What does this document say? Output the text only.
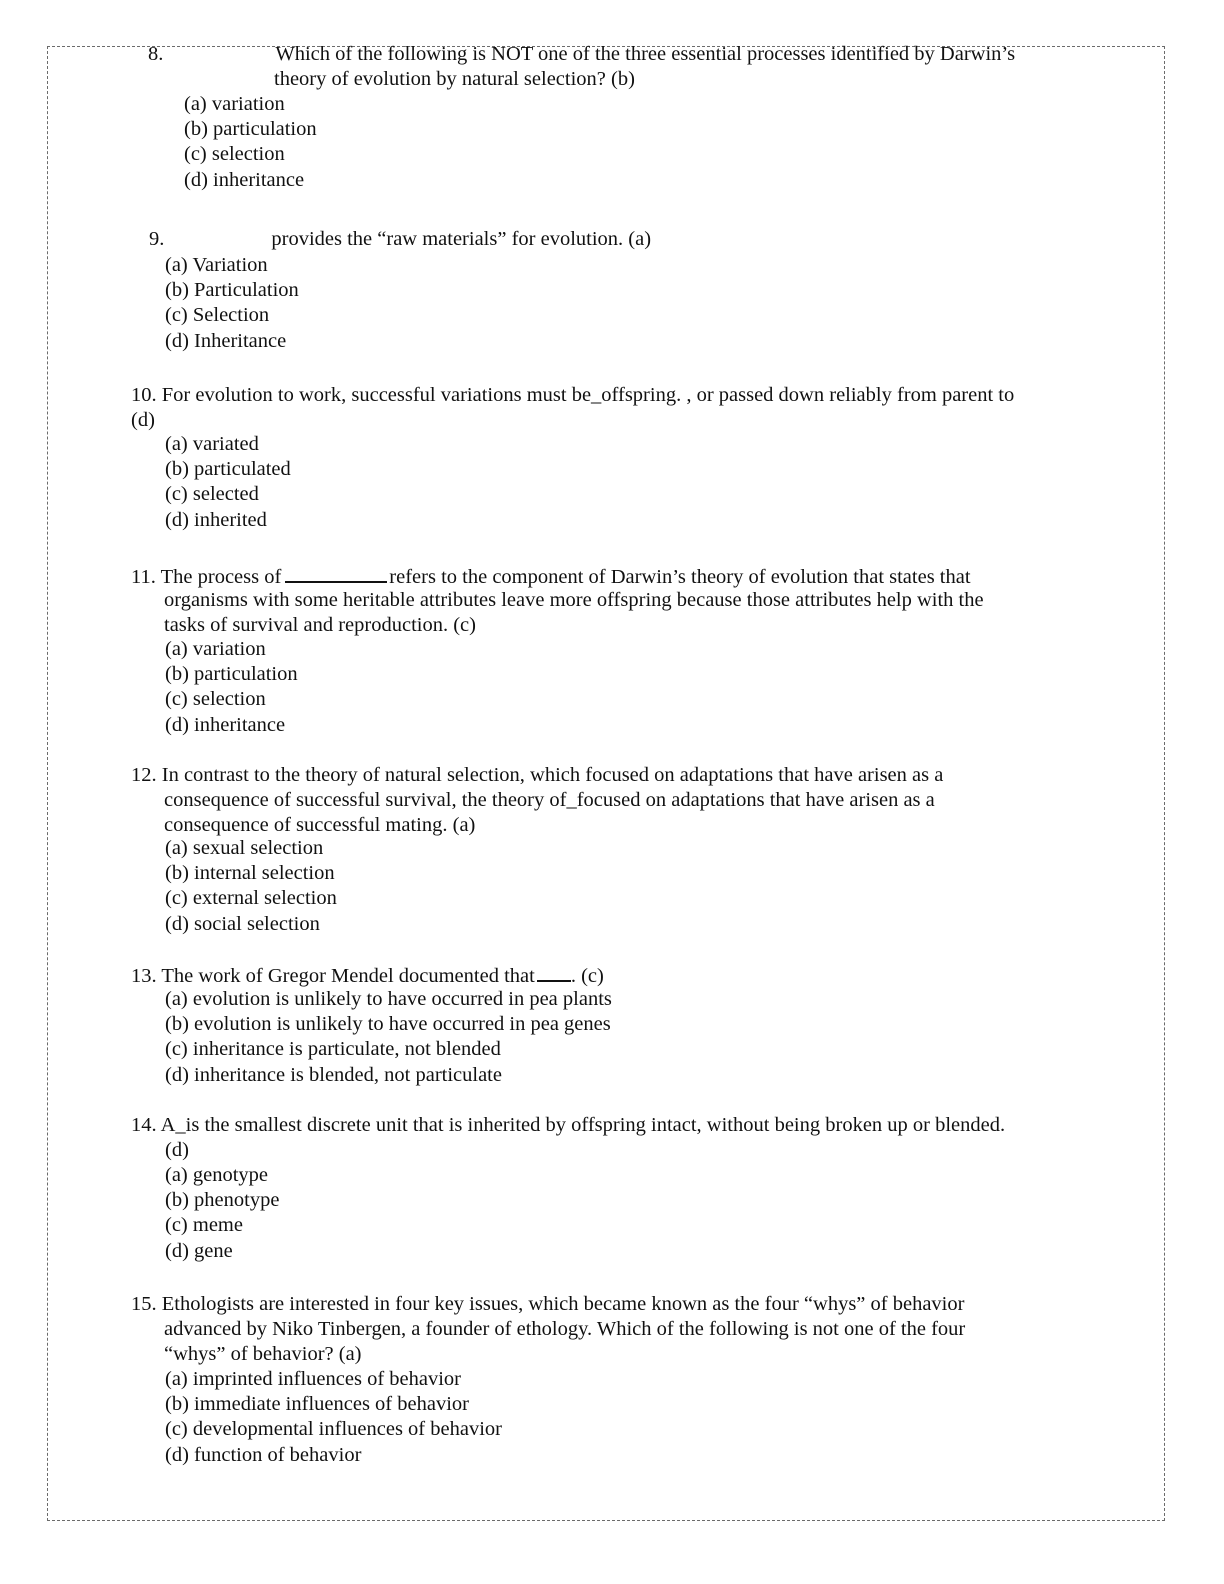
8.	Which of the following is NOT one of the three essential processes identified by Darwin’s
theory of evolution by natural selection? (b)
(a) variation
(b) particulation
(c) selection
(d) inheritance
9.	provides the “raw materials” for evolution. (a)
(a) Variation
(b) Particulation
(c) Selection
(d) Inheritance
10. For evolution to work, successful variations must be_offspring. , or passed down reliably from parent to
(d)
(a) variated
(b) particulated
(c) selected
(d) inherited
11. The process of	refers to the component of Darwin’s theory of evolution that states that
organisms with some heritable attributes leave more offspring because those attributes help with the
tasks of survival and reproduction. (c)
(a) variation
(b) particulation
(c) selection
(d) inheritance
12. In contrast to the theory of natural selection, which focused on adaptations that have arisen as a
consequence of successful survival, the theory of_focused on adaptations that have arisen as a
consequence of successful mating. (a)
(a) sexual selection
(b) internal selection
(c) external selection
(d) social selection
13. The work of Gregor Mendel documented that . (c)
(a) evolution is unlikely to have occurred in pea plants
(b) evolution is unlikely to have occurred in pea genes
(c) inheritance is particulate, not blended
(d) inheritance is blended, not particulate
14. A_is the smallest discrete unit that is inherited by offspring intact, without being broken up or blended.
(d)
(a) genotype
(b) phenotype
(c) meme
(d) gene
15. Ethologists are interested in four key issues, which became known as the four “whys” of behavior
advanced by Niko Tinbergen, a founder of ethology. Which of the following is not one of the four
“whys” of behavior? (a)
(a) imprinted influences of behavior
(b) immediate influences of behavior
(c) developmental influences of behavior
(d) function of behavior
